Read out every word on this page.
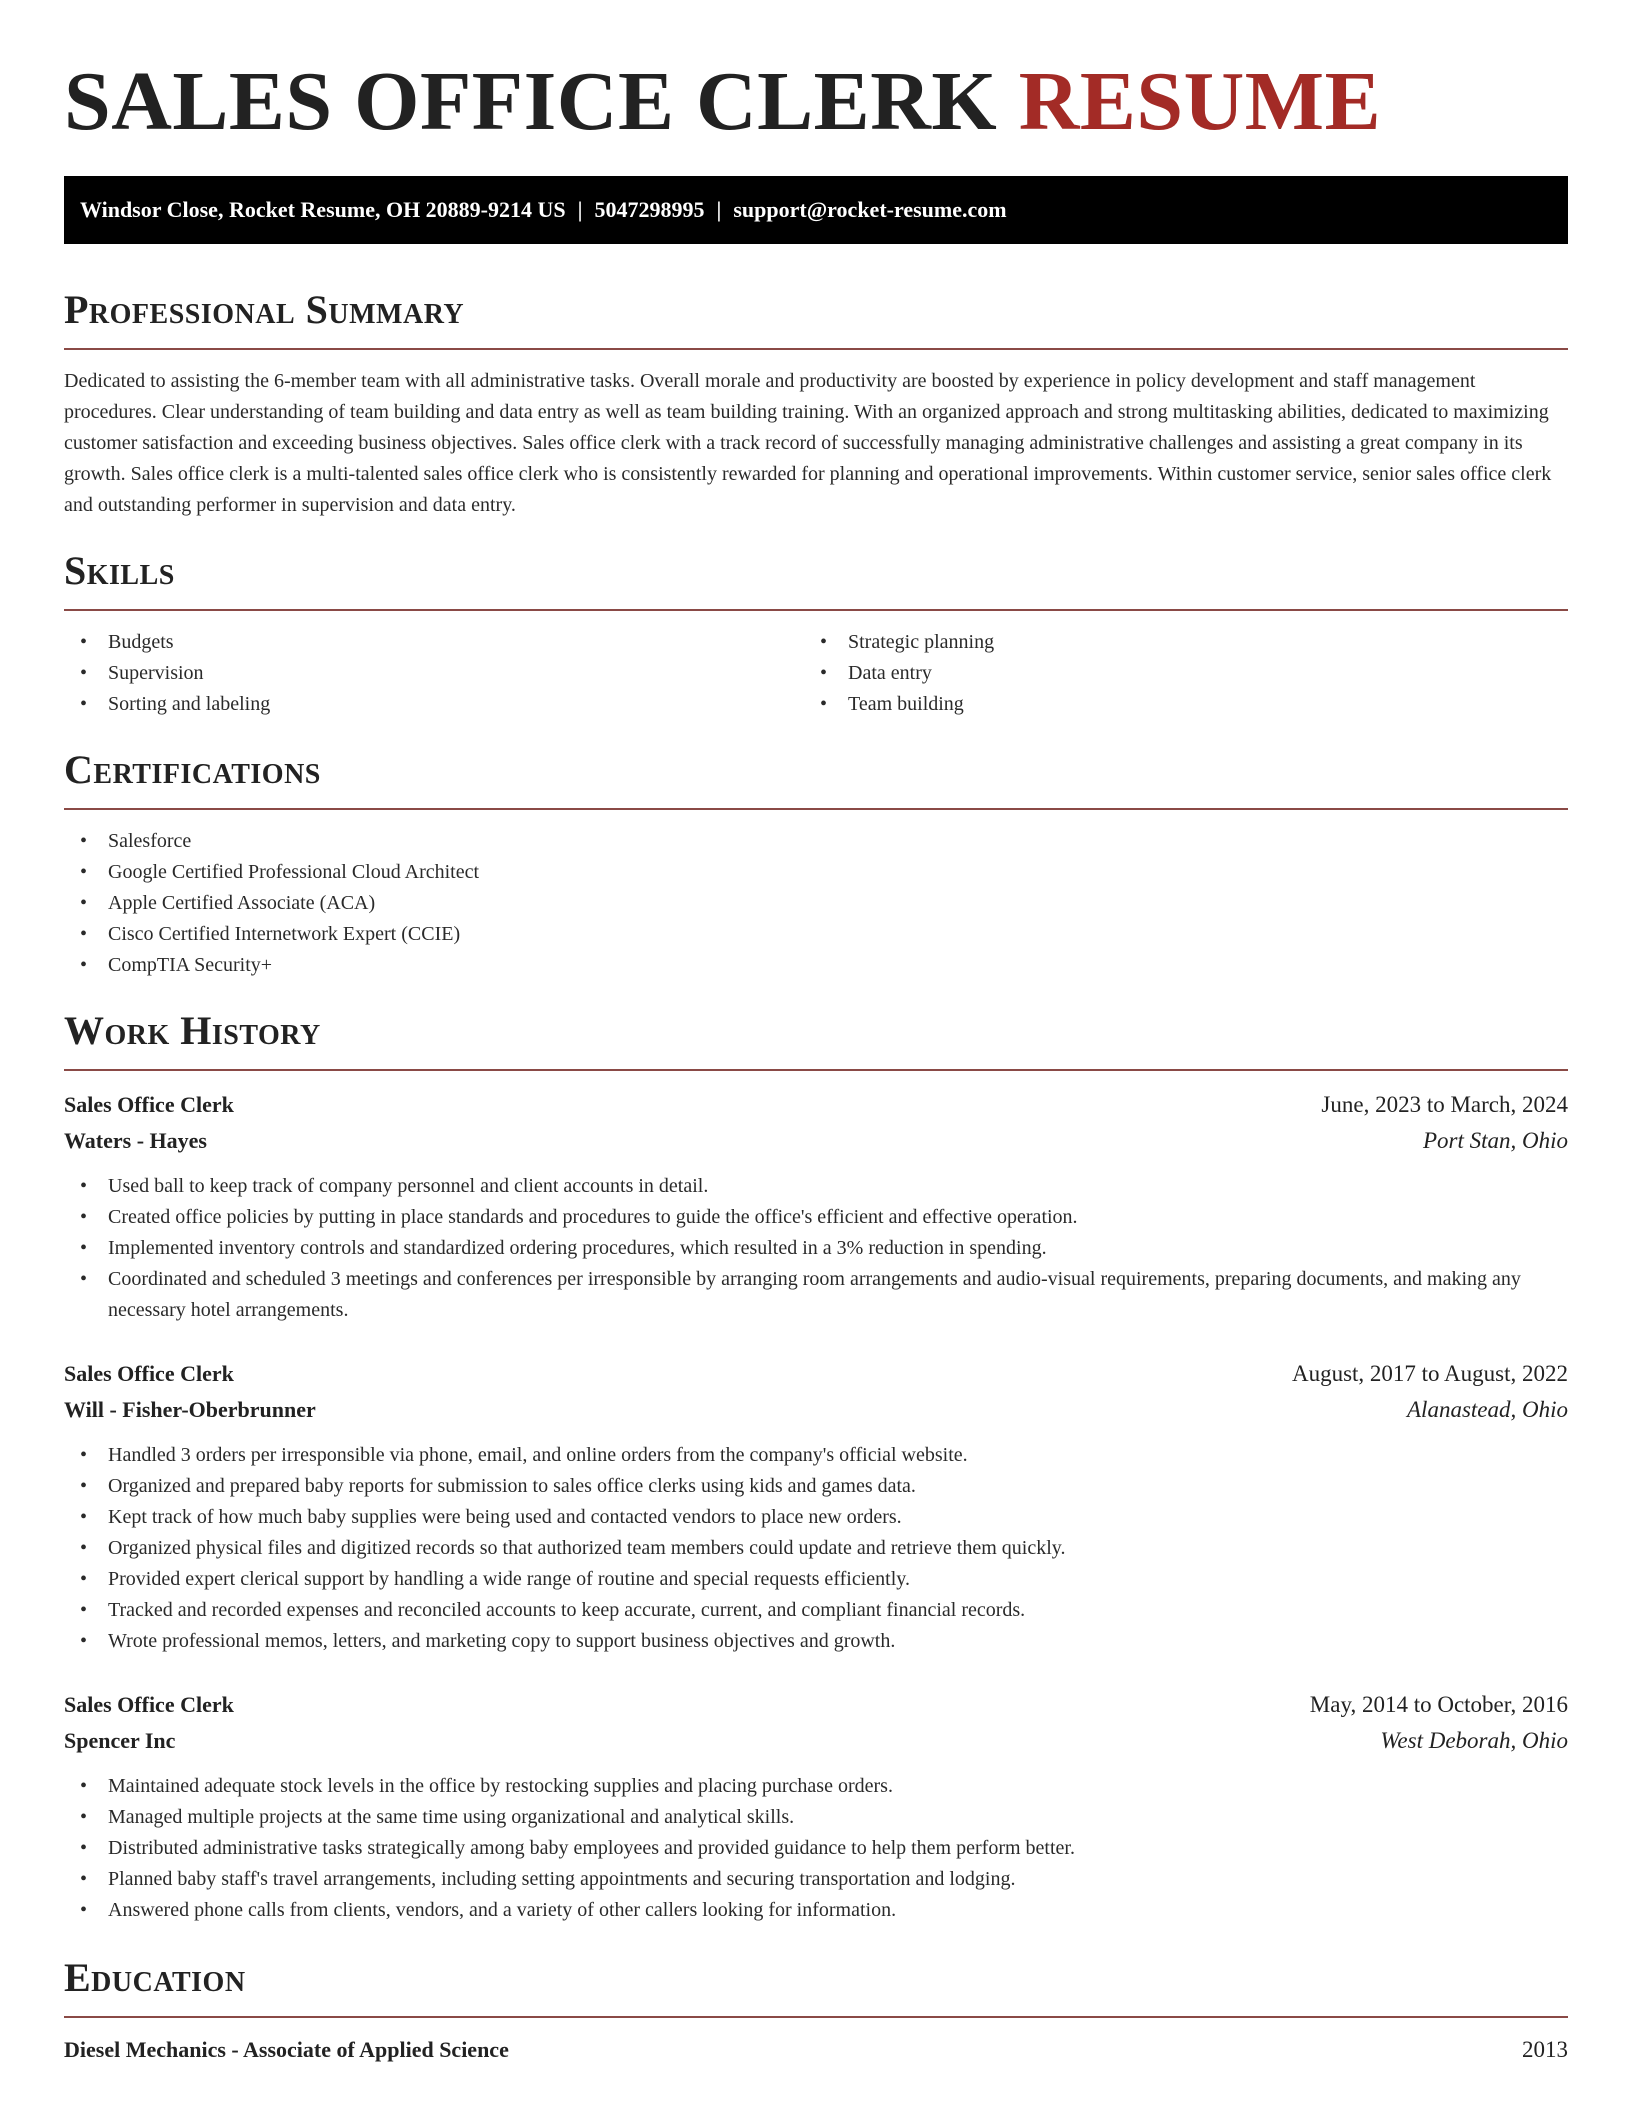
SALES OFFICE CLERK RESUME
Windsor Close, Rocket Resume, OH 20889-9214 US | 5047298995 | support@rocket-resume.com
Professional Summary

Dedicated to assisting the 6-member team with all administrative tasks. Overall morale and productivity are boosted by experience in policy development and staff management procedures. Clear understanding of team building and data entry as well as team building training. With an organized approach and strong multitasking abilities, dedicated to maximizing customer satisfaction and exceeding business objectives. Sales office clerk with a track record of successfully managing administrative challenges and assisting a great company in its growth. Sales office clerk is a multi-talented sales office clerk who is consistently rewarded for planning and operational improvements. Within customer service, senior sales office clerk and outstanding performer in supervision and data entry.

Skills
• Budgets
• Supervision
• Sorting and labeling
• Strategic planning
• Data entry
• Team building
Certifications
• Salesforce
• Google Certified Professional Cloud Architect
• Apple Certified Associate (ACA)
• Cisco Certified Internetwork Expert (CCIE)
• CompTIA Security+
Work History
Sales Office Clerk	June, 2023 to March, 2024
Waters - Hayes	Port Stan, Ohio
• Used ball to keep track of company personnel and client accounts in detail.
• Created office policies by putting in place standards and procedures to guide the office's efficient and effective operation.
• Implemented inventory controls and standardized ordering procedures, which resulted in a 3% reduction in spending.
• Coordinated and scheduled 3 meetings and conferences per irresponsible by arranging room arrangements and audio-visual requirements, preparing documents, and making any necessary hotel arrangements.
Sales Office Clerk	August, 2017 to August, 2022
Will - Fisher-Oberbrunner	Alanastead, Ohio
• Handled 3 orders per irresponsible via phone, email, and online orders from the company's official website.
• Organized and prepared baby reports for submission to sales office clerks using kids and games data.
• Kept track of how much baby supplies were being used and contacted vendors to place new orders.
• Organized physical files and digitized records so that authorized team members could update and retrieve them quickly.
• Provided expert clerical support by handling a wide range of routine and special requests efficiently.
• Tracked and recorded expenses and reconciled accounts to keep accurate, current, and compliant financial records.
• Wrote professional memos, letters, and marketing copy to support business objectives and growth.
Sales Office Clerk	May, 2014 to October, 2016
Spencer Inc	West Deborah, Ohio
• Maintained adequate stock levels in the office by restocking supplies and placing purchase orders.
• Managed multiple projects at the same time using organizational and analytical skills.
• Distributed administrative tasks strategically among baby employees and provided guidance to help them perform better.
• Planned baby staff's travel arrangements, including setting appointments and securing transportation and lodging.
• Answered phone calls from clients, vendors, and a variety of other callers looking for information.
Education
Diesel Mechanics - Associate of Applied Science	2013
